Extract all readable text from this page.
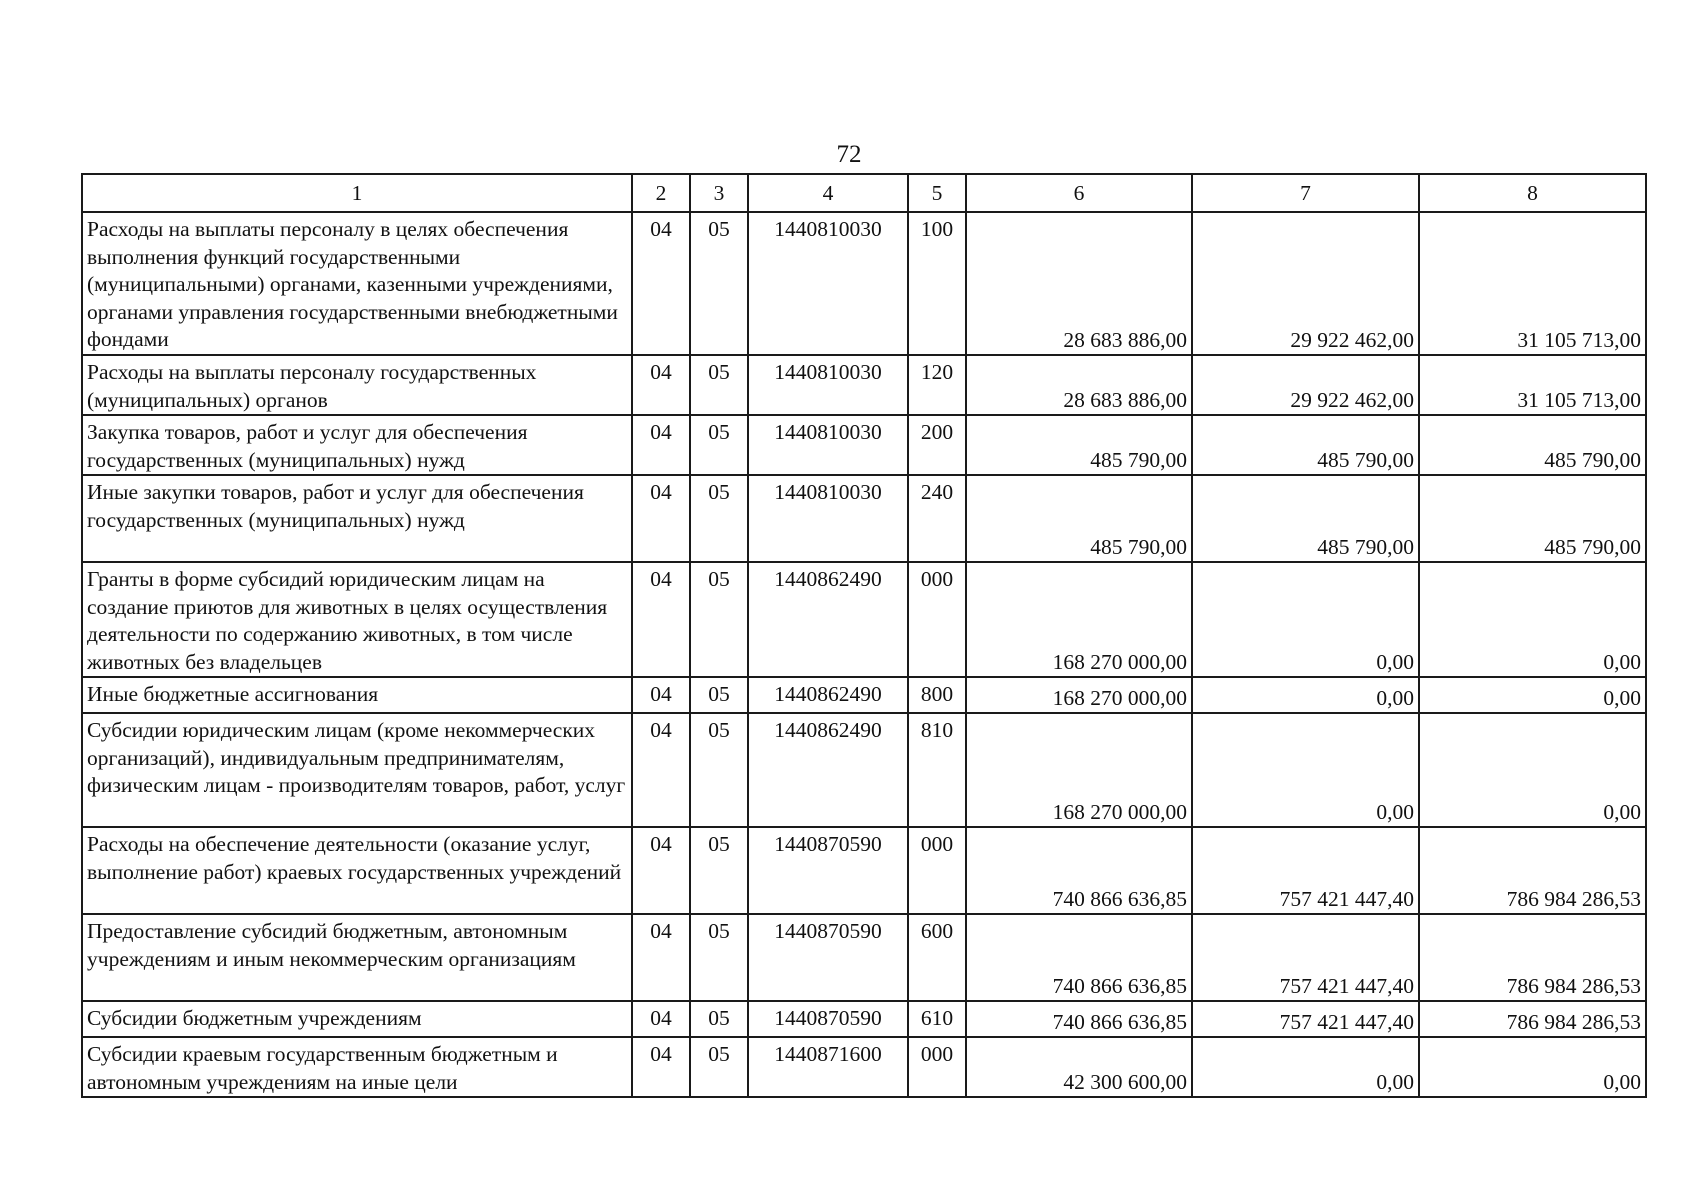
72
1	2	3	4	5	6	7	8
Расходы на выплаты персоналу в целях обеспечения выполнения функций государственными (муниципальными) органами, казенными учреждениями, органами управления государственными внебюджетными фондами	04	05	1440810030	100	28 683 886,00	29 922 462,00	31 105 713,00
Расходы на выплаты персоналу государственных (муниципальных) органов	04	05	1440810030	120	28 683 886,00	29 922 462,00	31 105 713,00
Закупка товаров, работ и услуг для обеспечения государственных (муниципальных) нужд	04	05	1440810030	200	485 790,00	485 790,00	485 790,00
Иные закупки товаров, работ и услуг для обеспечения государственных (муниципальных) нужд	04	05	1440810030	240	485 790,00	485 790,00	485 790,00
Гранты в форме субсидий юридическим лицам на создание приютов для животных в целях осуществления деятельности по содержанию животных, в том числе животных без владельцев	04	05	1440862490	000	168 270 000,00	0,00	0,00
Иные бюджетные ассигнования	04	05	1440862490	800	168 270 000,00	0,00	0,00
Субсидии юридическим лицам (кроме некоммерческих организаций), индивидуальным предпринимателям, физическим лицам - производителям товаров, работ, услуг	04	05	1440862490	810	168 270 000,00	0,00	0,00
Расходы на обеспечение деятельности (оказание услуг, выполнение работ) краевых государственных учреждений	04	05	1440870590	000	740 866 636,85	757 421 447,40	786 984 286,53
Предоставление субсидий бюджетным, автономным учреждениям и иным некоммерческим организациям	04	05	1440870590	600	740 866 636,85	757 421 447,40	786 984 286,53
Субсидии бюджетным учреждениям	04	05	1440870590	610	740 866 636,85	757 421 447,40	786 984 286,53
Субсидии краевым государственным бюджетным и автономным учреждениям на иные цели	04	05	1440871600	000	42 300 600,00	0,00	0,00
